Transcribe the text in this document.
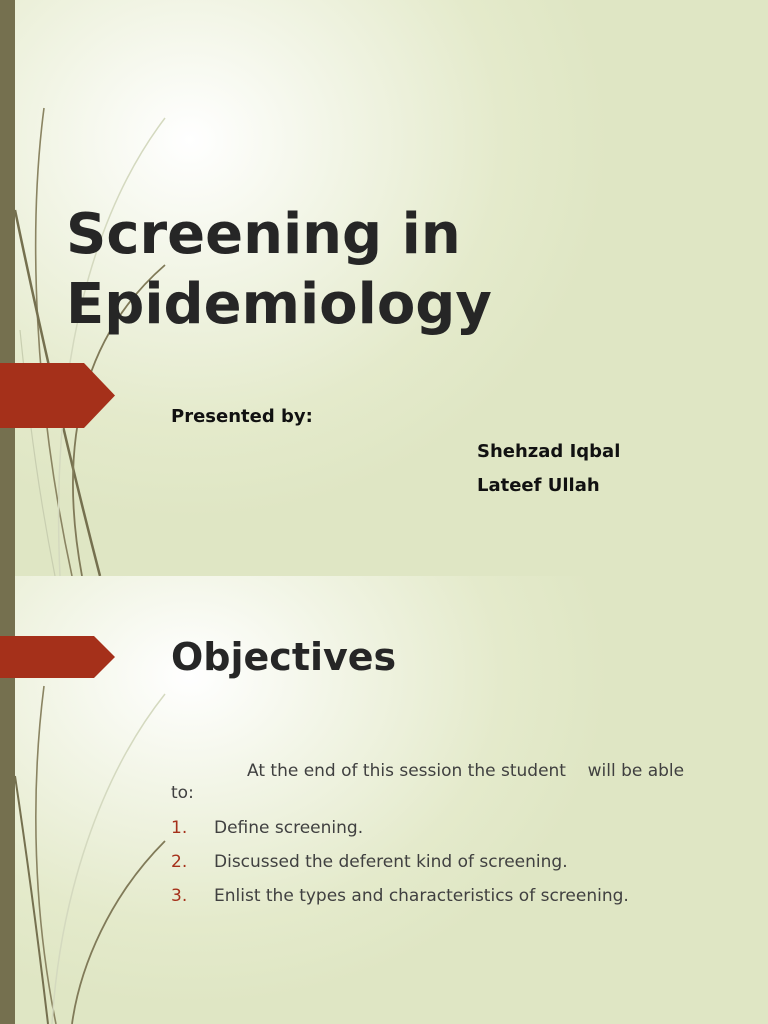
Screening in
Epidemiology
Presented by:
Shehzad Iqbal
Lateef Ullah
Objectives
At the end of this session the student will be able to:
1. Define screening.
2. Discussed the deferent kind of screening.
3. Enlist the types and characteristics of screening.
